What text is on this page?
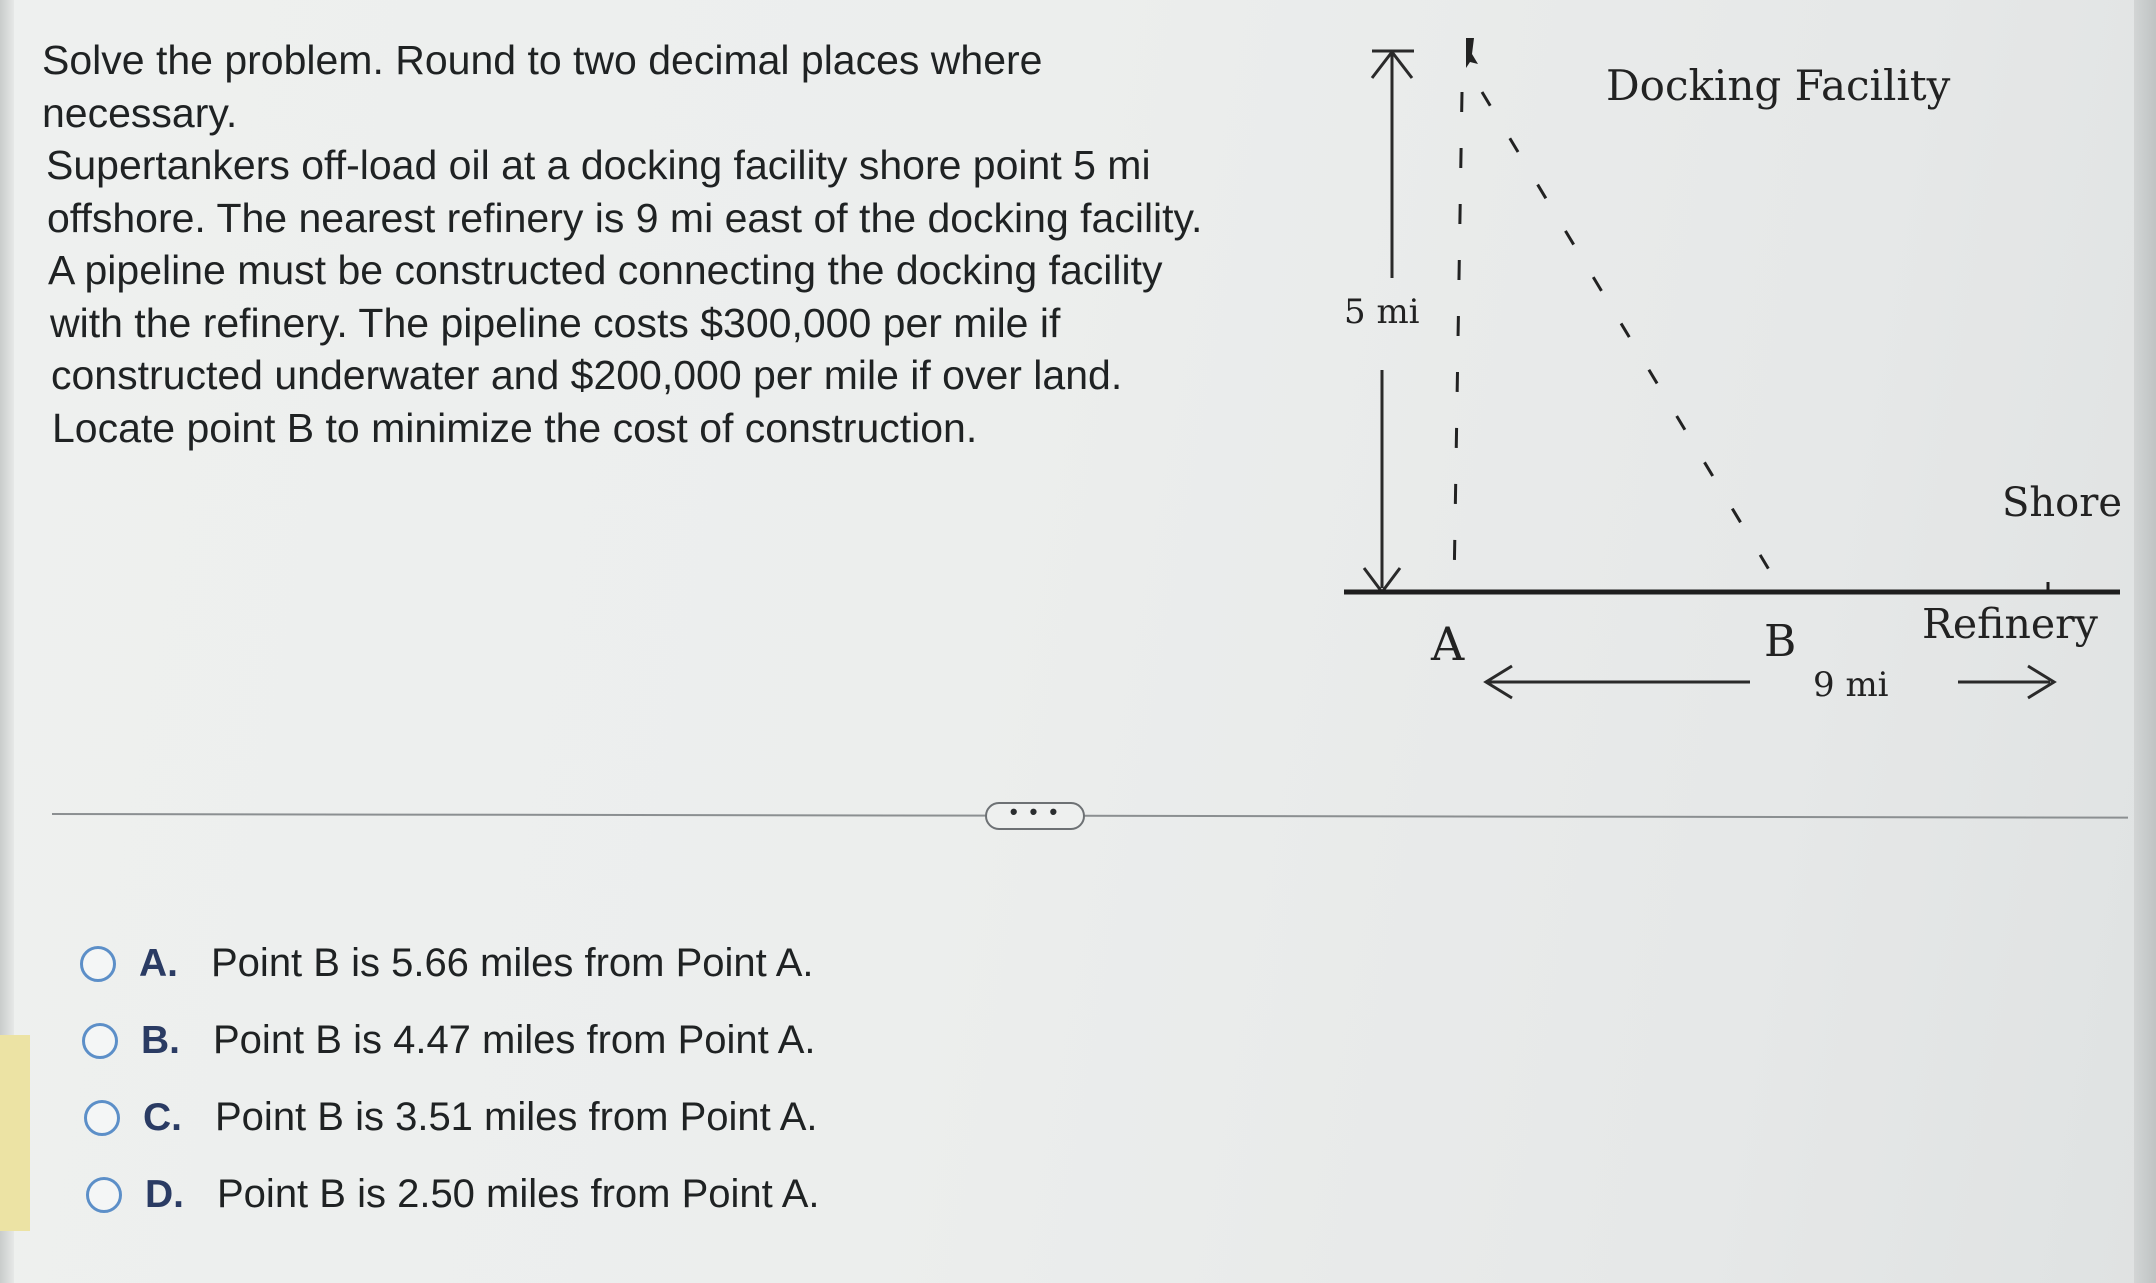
Solve the problem. Round to two decimal places where
necessary.
Supertankers off-load oil at a docking facility shore point 5 mi
offshore. The nearest refinery is 9 mi east of the docking facility.
A pipeline must be constructed connecting the docking facility
with the refinery. The pipeline costs $300,000 per mile if
constructed underwater and $200,000 per mile if over land.
Locate point B to minimize the cost of construction.
5 mi
Docking Facility
Shore
Refinery
A	B
9 mi
• • •
A. Point B is 5.66 miles from Point A.
B. Point B is 4.47 miles from Point A.
C. Point B is 3.51 miles from Point A.
D. Point B is 2.50 miles from Point A.
